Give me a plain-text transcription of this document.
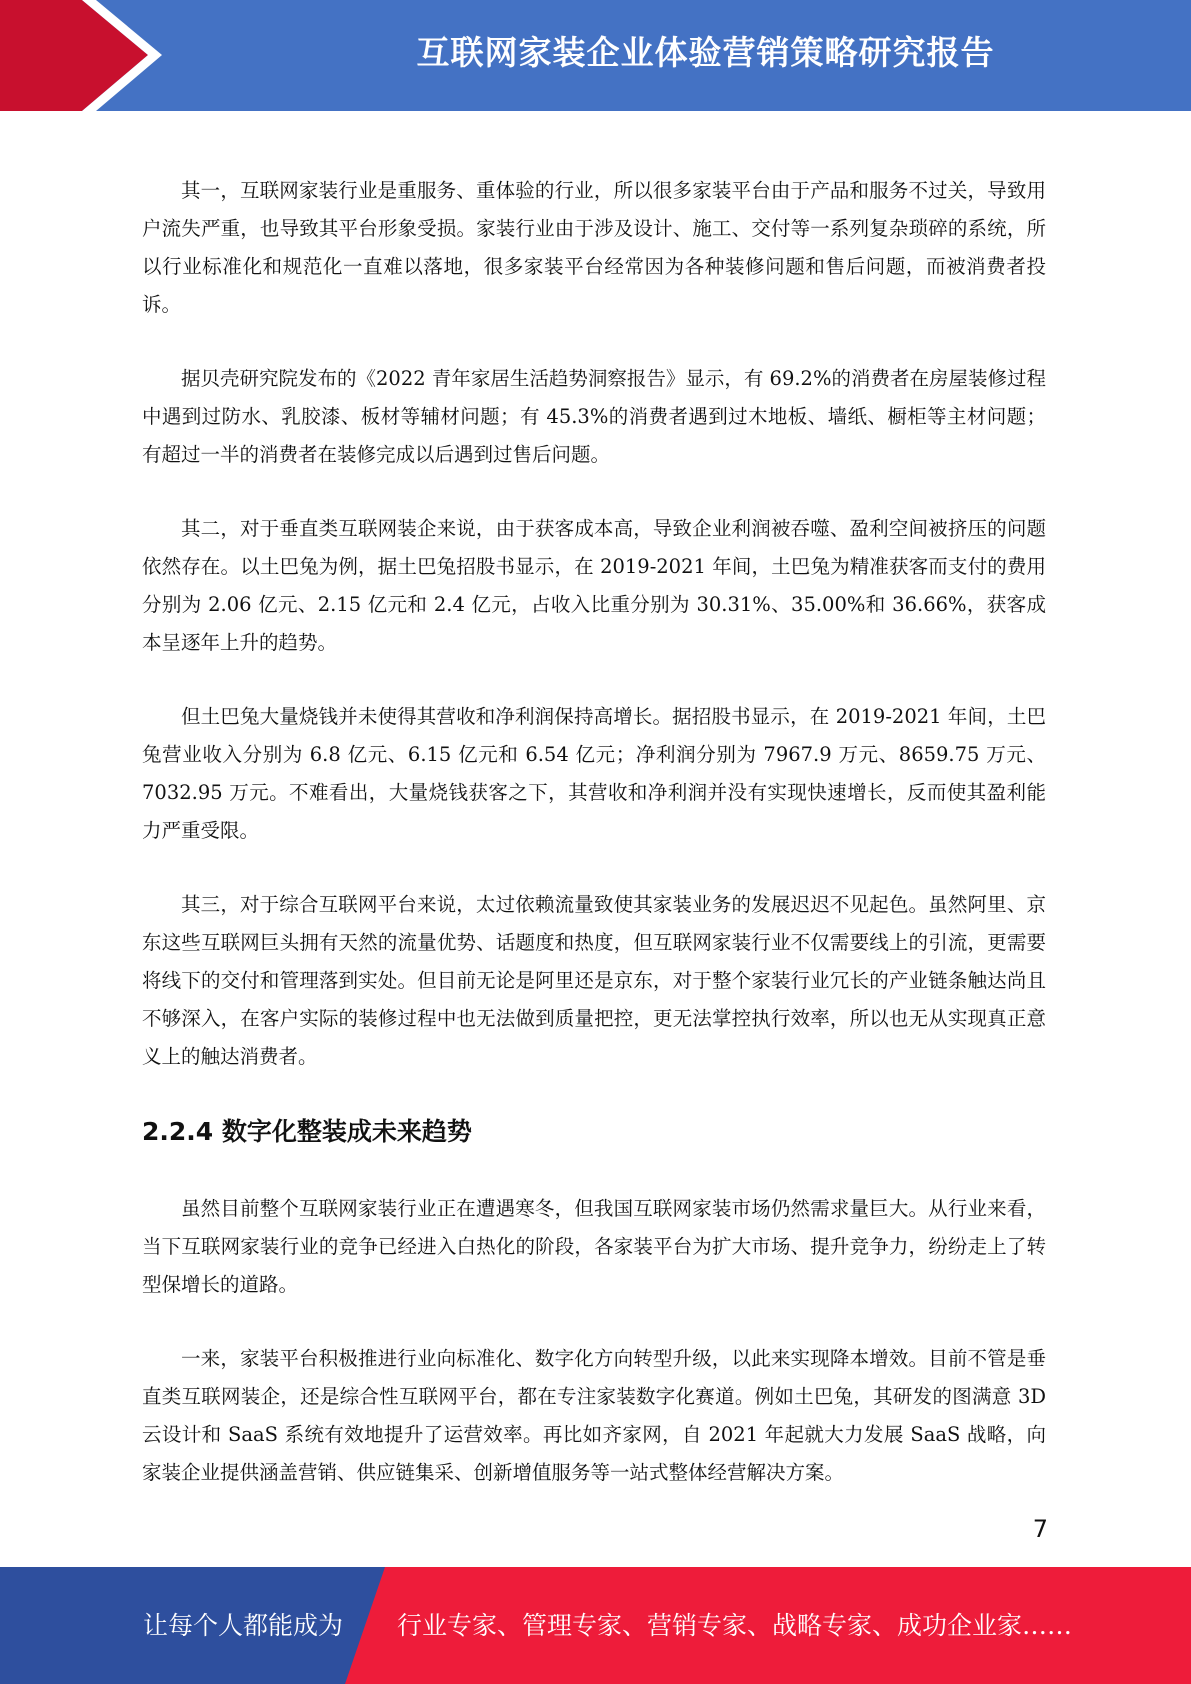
互联网家装企业体验营销策略研究报告

其一，互联网家装行业是重服务、重体验的行业，所以很多家装平台由于产品和服务不过关，导致用户流失严重，也导致其平台形象受损。家装行业由于涉及设计、施工、交付等一系列复杂琐碎的系统，所以行业标准化和规范化一直难以落地，很多家装平台经常因为各种装修问题和售后问题，而被消费者投诉。

据贝壳研究院发布的《2022 青年家居生活趋势洞察报告》显示，有 69.2%的消费者在房屋装修过程中遇到过防水、乳胶漆、板材等辅材问题；有 45.3%的消费者遇到过木地板、墙纸、橱柜等主材问题；有超过一半的消费者在装修完成以后遇到过售后问题。

其二，对于垂直类互联网装企来说，由于获客成本高，导致企业利润被吞噬、盈利空间被挤压的问题依然存在。以土巴兔为例，据土巴兔招股书显示，在 2019-2021 年间，土巴兔为精准获客而支付的费用分别为 2.06 亿元、2.15 亿元和 2.4 亿元，占收入比重分别为 30.31%、35.00%和 36.66%，获客成本呈逐年上升的趋势。

但土巴兔大量烧钱并未使得其营收和净利润保持高增长。据招股书显示，在 2019-2021 年间，土巴兔营业收入分别为 6.8 亿元、6.15 亿元和 6.54 亿元；净利润分别为 7967.9 万元、8659.75 万元、7032.95 万元。不难看出，大量烧钱获客之下，其营收和净利润并没有实现快速增长，反而使其盈利能力严重受限。

其三，对于综合互联网平台来说，太过依赖流量致使其家装业务的发展迟迟不见起色。虽然阿里、京东这些互联网巨头拥有天然的流量优势、话题度和热度，但互联网家装行业不仅需要线上的引流，更需要将线下的交付和管理落到实处。但目前无论是阿里还是京东，对于整个家装行业冗长的产业链条触达尚且不够深入，在客户实际的装修过程中也无法做到质量把控，更无法掌控执行效率，所以也无从实现真正意义上的触达消费者。

2.2.4 数字化整装成未来趋势

虽然目前整个互联网家装行业正在遭遇寒冬，但我国互联网家装市场仍然需求量巨大。从行业来看，当下互联网家装行业的竞争已经进入白热化的阶段，各家装平台为扩大市场、提升竞争力，纷纷走上了转型保增长的道路。

一来，家装平台积极推进行业向标准化、数字化方向转型升级，以此来实现降本增效。目前不管是垂直类互联网装企，还是综合性互联网平台，都在专注家装数字化赛道。例如土巴兔，其研发的图满意 3D 云设计和 SaaS 系统有效地提升了运营效率。再比如齐家网，自 2021 年起就大力发展 SaaS 战略，向家装企业提供涵盖营销、供应链集采、创新增值服务等一站式整体经营解决方案。

7
让每个人都能成为 行业专家、管理专家、营销专家、战略专家、成功企业家……
